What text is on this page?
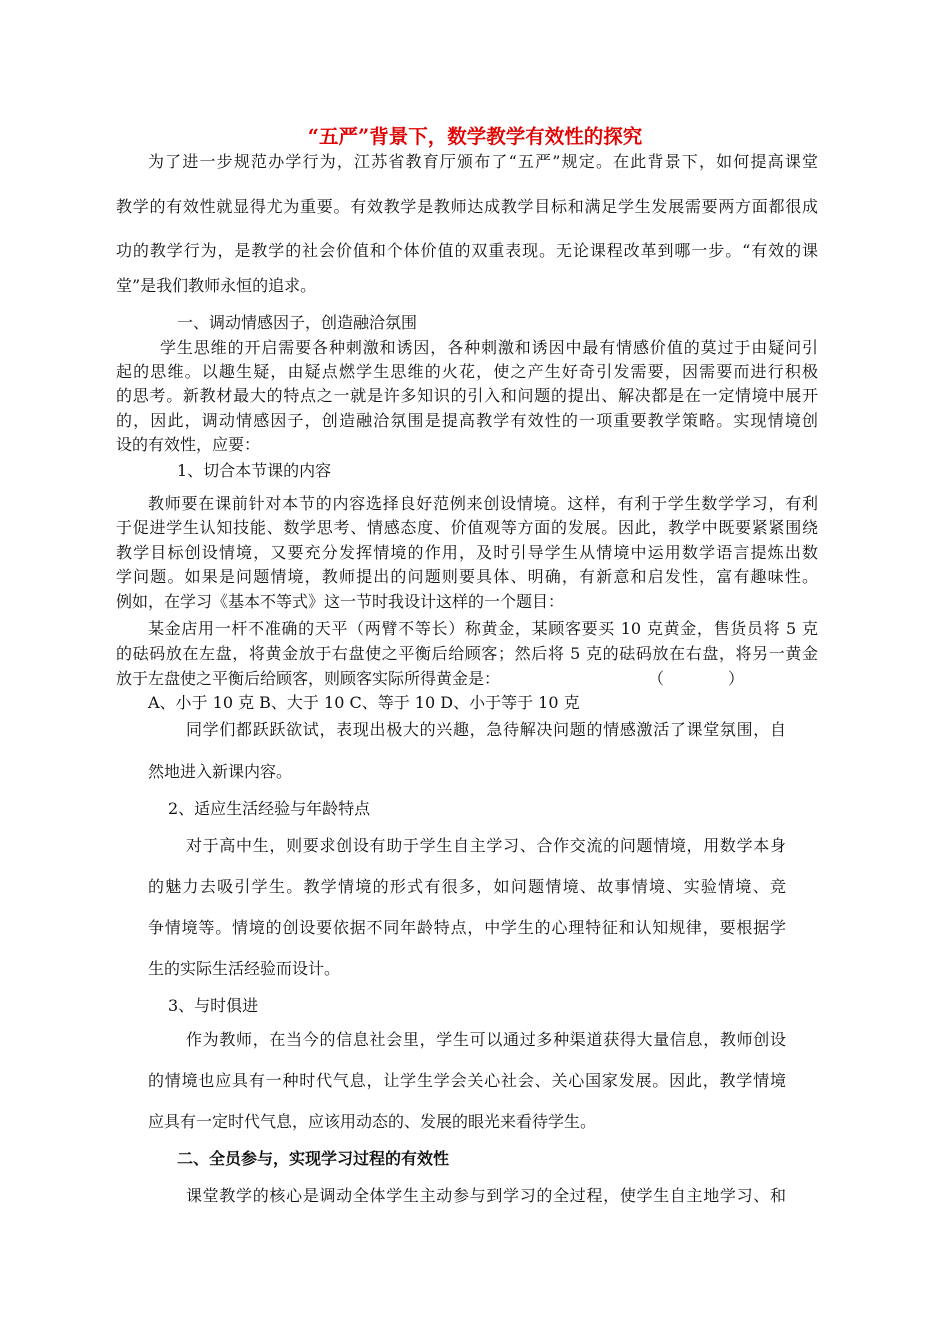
“五严”背景下，数学教学有效性的探究
为了进一步规范办学行为，江苏省教育厅颁布了“五严”规定。在此背景下，如何提高课堂
教学的有效性就显得尤为重要。有效教学是教师达成教学目标和满足学生发展需要两方面都很成
功的教学行为，是教学的社会价值和个体价值的双重表现。无论课程改革到哪一步。“有效的课
堂”是我们教师永恒的追求。
一、调动情感因子，创造融洽氛围
学生思维的开启需要各种刺激和诱因，各种刺激和诱因中最有情感价值的莫过于由疑问引
起的思维。以趣生疑，由疑点燃学生思维的火花，使之产生好奇引发需要，因需要而进行积极
的思考。新教材最大的特点之一就是许多知识的引入和问题的提出、解决都是在一定情境中展开
的，因此，调动情感因子，创造融洽氛围是提高教学有效性的一项重要教学策略。实现情境创
设的有效性，应要：
1、切合本节课的内容
教师要在课前针对本节的内容选择良好范例来创设情境。这样，有利于学生数学学习，有利
于促进学生认知技能、数学思考、情感态度、价值观等方面的发展。因此，教学中既要紧紧围绕
教学目标创设情境，又要充分发挥情境的作用，及时引导学生从情境中运用数学语言提炼出数
学问题。如果是问题情境，教师提出的问题则要具体、明确，有新意和启发性，富有趣味性。
例如，在学习《基本不等式》这一节时我设计这样的一个题目：
某金店用一杆不准确的天平（两臂不等长）称黄金，某顾客要买 10 克黄金，售货员将 5 克
的砝码放在左盘，将黄金放于右盘使之平衡后给顾客；然后将 5 克的砝码放在右盘，将另一黄金
放于左盘使之平衡后给顾客，则顾客实际所得黄金是：	（	）
A、小于 10 克 B、大于 10 C、等于 10 D、小于等于 10 克
同学们都跃跃欲试，表现出极大的兴趣，急待解决问题的情感激活了课堂氛围，自
然地进入新课内容。
2、适应生活经验与年龄特点
对于高中生，则要求创设有助于学生自主学习、合作交流的问题情境，用数学本身
的魅力去吸引学生。教学情境的形式有很多，如问题情境、故事情境、实验情境、竞
争情境等。情境的创设要依据不同年龄特点，中学生的心理特征和认知规律，要根据学
生的实际生活经验而设计。
3、与时俱进
作为教师，在当今的信息社会里，学生可以通过多种渠道获得大量信息，教师创设
的情境也应具有一种时代气息，让学生学会关心社会、关心国家发展。因此，教学情境
应具有一定时代气息，应该用动态的、发展的眼光来看待学生。
二、全员参与，实现学习过程的有效性
课堂教学的核心是调动全体学生主动参与到学习的全过程，使学生自主地学习、和
